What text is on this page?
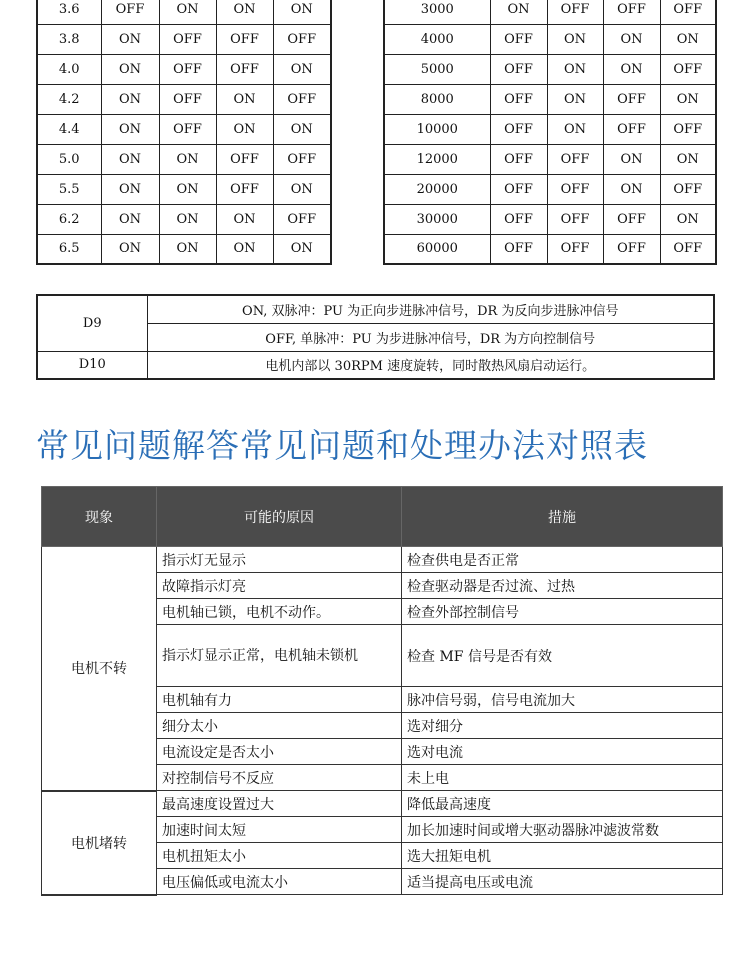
3.6	OFF	ON	ON	ON
3.8	ON	OFF	OFF	OFF
4.0	ON	OFF	OFF	ON
4.2	ON	OFF	ON	OFF
4.4	ON	OFF	ON	ON
5.0	ON	ON	OFF	OFF
5.5	ON	ON	OFF	ON
6.2	ON	ON	ON	OFF
6.5	ON	ON	ON	ON
3000	ON	OFF	OFF	OFF
4000	OFF	ON	ON	ON
5000	OFF	ON	ON	OFF
8000	OFF	ON	OFF	ON
10000	OFF	ON	OFF	OFF
12000	OFF	OFF	ON	ON
20000	OFF	OFF	ON	OFF
30000	OFF	OFF	OFF	ON
60000	OFF	OFF	OFF	OFF
D9	ON, 双脉冲：PU 为正向步进脉冲信号，DR 为反向步进脉冲信号
	OFF, 单脉冲：PU 为步进脉冲信号，DR 为方向控制信号
D10	电机内部以 30RPM 速度旋转，同时散热风扇启动运行。
常见问题解答常见问题和处理办法对照表
现象	可能的原因	措施
电机不转	指示灯无显示	检查供电是否正常
	故障指示灯亮	检查驱动器是否过流、过热
	电机轴已锁，电机不动作。	检查外部控制信号
	指示灯显示正常，电机轴未锁机	检查 MF 信号是否有效
	电机轴有力	脉冲信号弱，信号电流加大
	细分太小	选对细分
	电流设定是否太小	选对电流
	对控制信号不反应	未上电
电机堵转	最高速度设置过大	降低最高速度
	加速时间太短	加长加速时间或增大驱动器脉冲滤波常数
	电机扭矩太小	选大扭矩电机
	电压偏低或电流太小	适当提高电压或电流
